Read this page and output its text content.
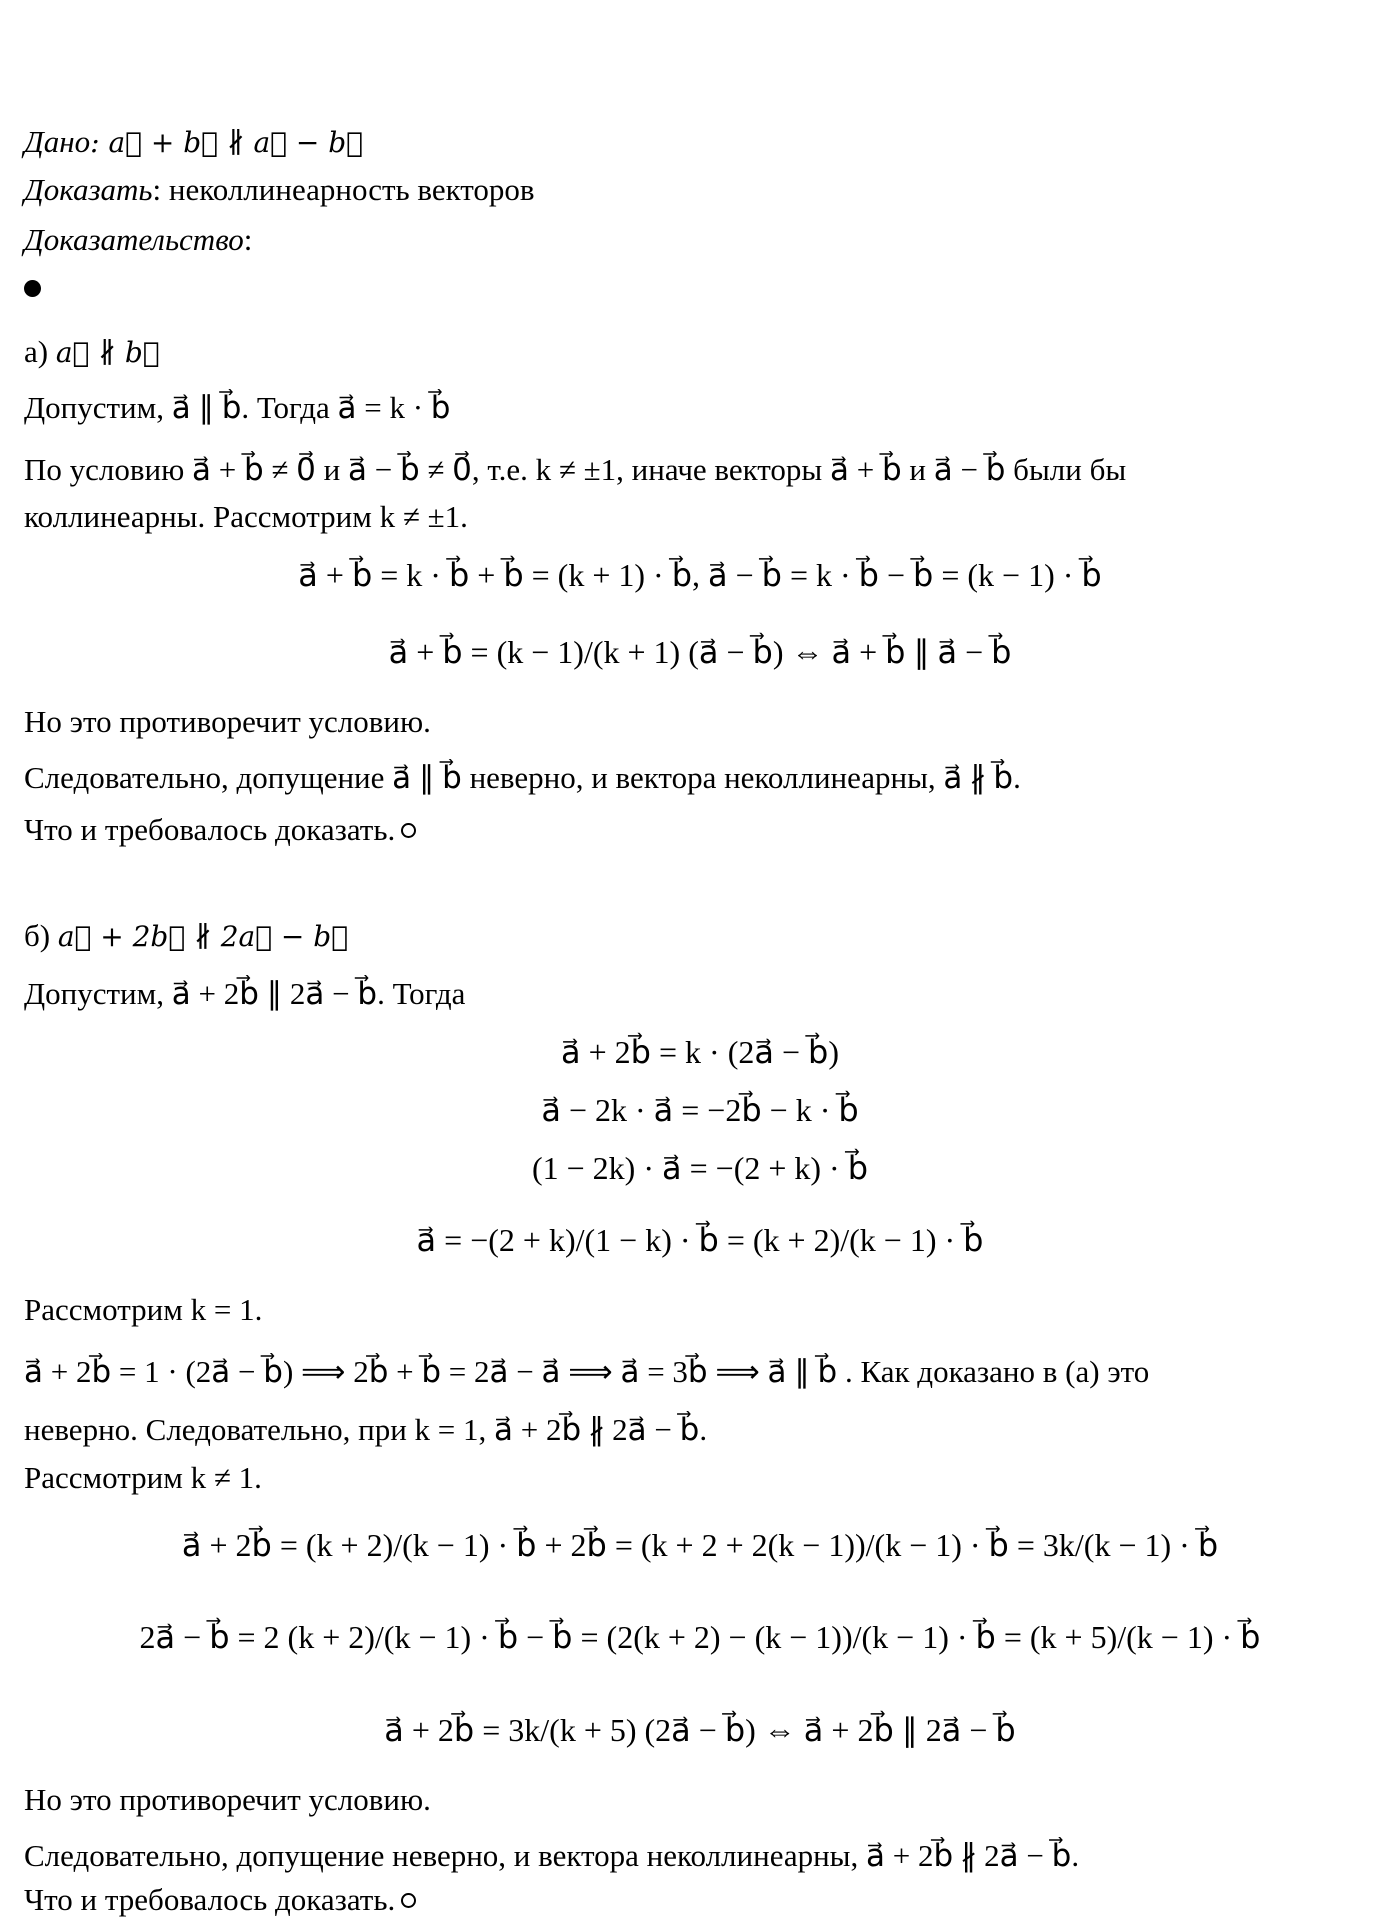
Дано: a⃗ + b⃗ ∦ a⃗ − b⃗
Доказать: неколлинеарность векторов
Доказательство:
а) a⃗ ∦ b⃗
Допустим, a⃗ ∥ b⃗. Тогда a⃗ = k · b⃗
По условию a⃗ + b⃗ ≠ 0⃗ и a⃗ − b⃗ ≠ 0⃗, т.е. k ≠ ±1, иначе векторы a⃗ + b⃗ и a⃗ − b⃗ были бы
коллинеарны. Рассмотрим k ≠ ±1.
a⃗ + b⃗ = k · b⃗ + b⃗ = (k + 1) · b⃗, a⃗ − b⃗ = k · b⃗ − b⃗ = (k − 1) · b⃗
a⃗ + b⃗ = (k − 1)/(k + 1) (a⃗ − b⃗) ⇔ a⃗ + b⃗ ∥ a⃗ − b⃗
Но это противоречит условию.
Следовательно, допущение a⃗ ∥ b⃗ неверно, и вектора неколлинеарны, a⃗ ∦ b⃗.
Что и требовалось доказать.
б) a⃗ + 2b⃗ ∦ 2a⃗ − b⃗
Допустим, a⃗ + 2b⃗ ∥ 2a⃗ − b⃗. Тогда
a⃗ + 2b⃗ = k · (2a⃗ − b⃗)
a⃗ − 2k · a⃗ = −2b⃗ − k · b⃗
(1 − 2k) · a⃗ = −(2 + k) · b⃗
a⃗ = −(2 + k)/(1 − k) · b⃗ = (k + 2)/(k − 1) · b⃗
Рассмотрим k = 1.
a⃗ + 2b⃗ = 1 · (2a⃗ − b⃗) ⟹ 2b⃗ + b⃗ = 2a⃗ − a⃗ ⟹ a⃗ = 3b⃗ ⟹ a⃗ ∥ b⃗ . Как доказано в (а) это
неверно. Следовательно, при k = 1, a⃗ + 2b⃗ ∦ 2a⃗ − b⃗.
Рассмотрим k ≠ 1.
a⃗ + 2b⃗ = (k + 2)/(k − 1) · b⃗ + 2b⃗ = (k + 2 + 2(k − 1))/(k − 1) · b⃗ = 3k/(k − 1) · b⃗
2a⃗ − b⃗ = 2 (k + 2)/(k − 1) · b⃗ − b⃗ = (2(k + 2) − (k − 1))/(k − 1) · b⃗ = (k + 5)/(k − 1) · b⃗
a⃗ + 2b⃗ = 3k/(k + 5) (2a⃗ − b⃗) ⇔ a⃗ + 2b⃗ ∥ 2a⃗ − b⃗
Но это противоречит условию.
Следовательно, допущение неверно, и вектора неколлинеарны, a⃗ + 2b⃗ ∦ 2a⃗ − b⃗.
Что и требовалось доказать.
